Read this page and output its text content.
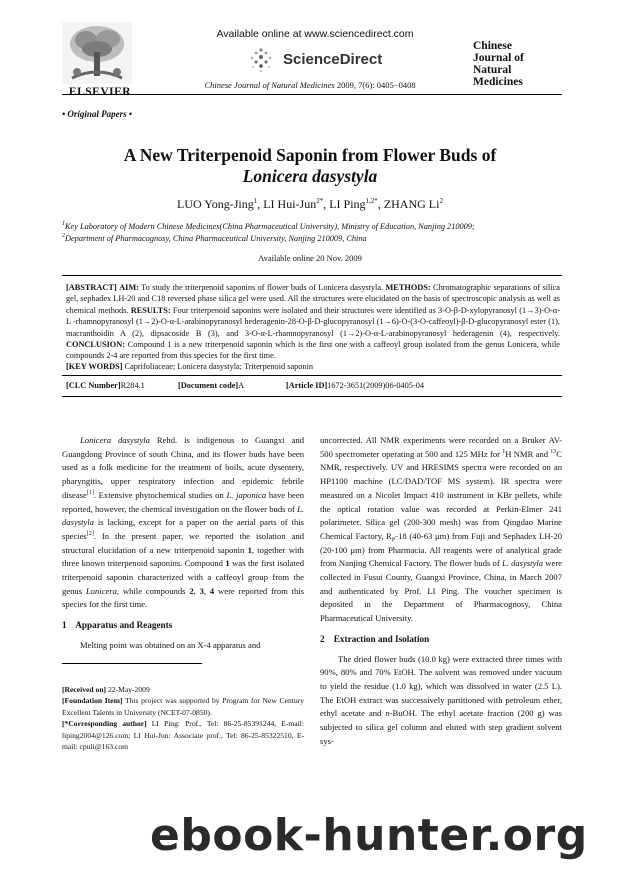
ELSEVIER
Available online at www.sciencedirect.com
ScienceDirect
Chinese Journal of Natural Medicines 2009, 7(6): 0405−0408
Chinese
Journal of
Natural
Medicines
• Original Papers •
A New Triterpenoid Saponin from Flower Buds of
Lonicera dasystyla
LUO Yong-Jing$^1$, LI Hui-Jun$^{2*}$, LI Ping$^{1,2*}$, ZHANG Li$^2$
$^1$Key Laboratory of Modern Chinese Medicines(China Pharmaceutical University), Ministry of Education, Nanjing 210009;
$^2$Department of Pharmacognosy, China Pharmaceutical University, Nanjing 210009, China
Available online 20 Nov. 2009
[ABSTRACT] AIM: To study the triterpenoid saponins of flower buds of Lonicera dasystyla. METHODS: Chromatographic separations of silica gel, sephadex LH-20 and C18 reversed phase silica gel were used. All the structures were elucidated on the basis of spectroscopic analysis as well as chemical methods. RESULTS: Four triterpenoid saponins were isolated and their structures were identified as 3-O-β-D-xylopyranosyl (1→3)-O-α-L -rhamnopyranosyl (1→2)-O-α-L-arabinopyranosyl hederagenin-28-O-β-D-glucopyranosyl (1→6)-O-(3-O-caffeoyl)-β-D-glucopyranosyl ester (1), macranthoidin A (2), dipsacoside B (3), and 3-O-α-L-rhamnopyranosyl (1→2)-O-α-L-arabinopyranosyl hederagenin (4), respectively. CONCLUSION: Compound 1 is a new triterpenoid saponin which is the first one with a caffeoyl group isolated from the genus Lonicera, while compounds 2-4 are reported from this species for the first time.
[KEY WORDS] Caprifoliaceae; Lonicera dasystyla; Triterpenoid saponin
[CLC Number]R284.1	[Document code]A	[Article ID]1672-3651(2009)06-0405-04

Lonicera dasystyla Rehd. is indigenous to Guangxi and Guangdong Province of south China, and its flower buds have been used as a folk medicine for the treatment of boils, acute dysentery, pharyngitis, upper respiratory infection and epidemic febrile disease[1]. Extensive phytochemical studies on L. japonica have been reported, however, the chemical investigation on the flower buds of L. dasystyla is lacking, except for a paper on the aerial parts of this species[2]. In the present paper, we reported the isolation and structural elucidation of a new triterpenoid saponin 1, together with three known triterpenoid saponins. Compound 1 was the first isolated triterpenoid saponin characterized with a caffeoyl group from the genus Lonicera, while compounds 2, 3, 4 were reported from this species for the first time.

1 Apparatus and Reagents

Melting point was obtained on an X-4 apparatus and

[Received on] 22-May-2009

[Foundation Item] This project was supported by Program for New Century Excellent Talents in University (NCET-07-0850).

[*Corresponding author] LI Ping: Prof., Tel: 86-25-85391244, E-mail: liping2004@126.com; LI Hui-Jun: Associate prof., Tel: 86-25-85322510, E-mail: cpuli@163.com

uncorrected. All NMR experiments were recorded on a Bruker AV-500 spectrometer operating at 500 and 125 MHz for $^1$H NMR and $^{13}$C NMR, respectively. UV and HRESIMS spectra were recorded on an HP1100 machine (LC/DAD/TOF MS system). IR spectra were measured on a Nicolet Impact 410 instrument in KBr pellets, while the optical rotation value was recorded at Perkin-Elmer 241 polarimeter. Silica gel (200-300 mesh) was from Qingdao Marine Chemical Factory, $R_P-18$ (40-63 μm) from Fuji and Sephadex LH-20 (20-100 μm) from Pharmacia. All reagents were of analytical grade from Nanjing Chemical Factory. The flower buds of L. dasystyla were collected in Fusui County, Guangxi Province, China, in March 2007 and authenticated by Prof. LI Ping. The voucher specimen is deposited in the Department of Pharmacognosy, China Pharmaceutical University.

2 Extraction and Isolation

The dried flower buds (10.0 kg) were extracted three times with 90%, 80% and 70% EtOH. The solvent was removed under vacuum to yield the residue (1.0 kg), which was dissolved in water (2.5 L). The EtOH extract was successively partitioned with petroleum ether, ethyl acetate and n-BuOH. The ethyl acetate fraction (200 g) was subjected to silica gel column and eluted with step gradient solvent sys-

ebook-hunter.org
